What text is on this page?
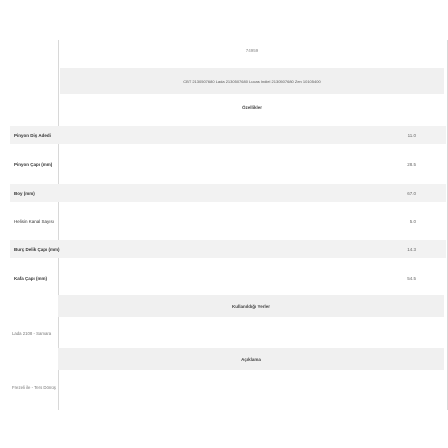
74959
CBT 2130507680 Lada 2130507680 Lucas Indiel 2130507680 Zen 10105400
Özellikler
Pinyon Diş Adedi	11.0
Pinyon Çapı (mm)	28.5
Boy (mm)	67.0
Helisin Kanal Sayısı	5.0
Burç Delik Çapı (mm)	14.3
Kafa Çapı (mm)	54.5
Kullanıldığı Yerler
Lada 2108 - Samara
Açıklama
Frezeli ile - Ters Dönüş
